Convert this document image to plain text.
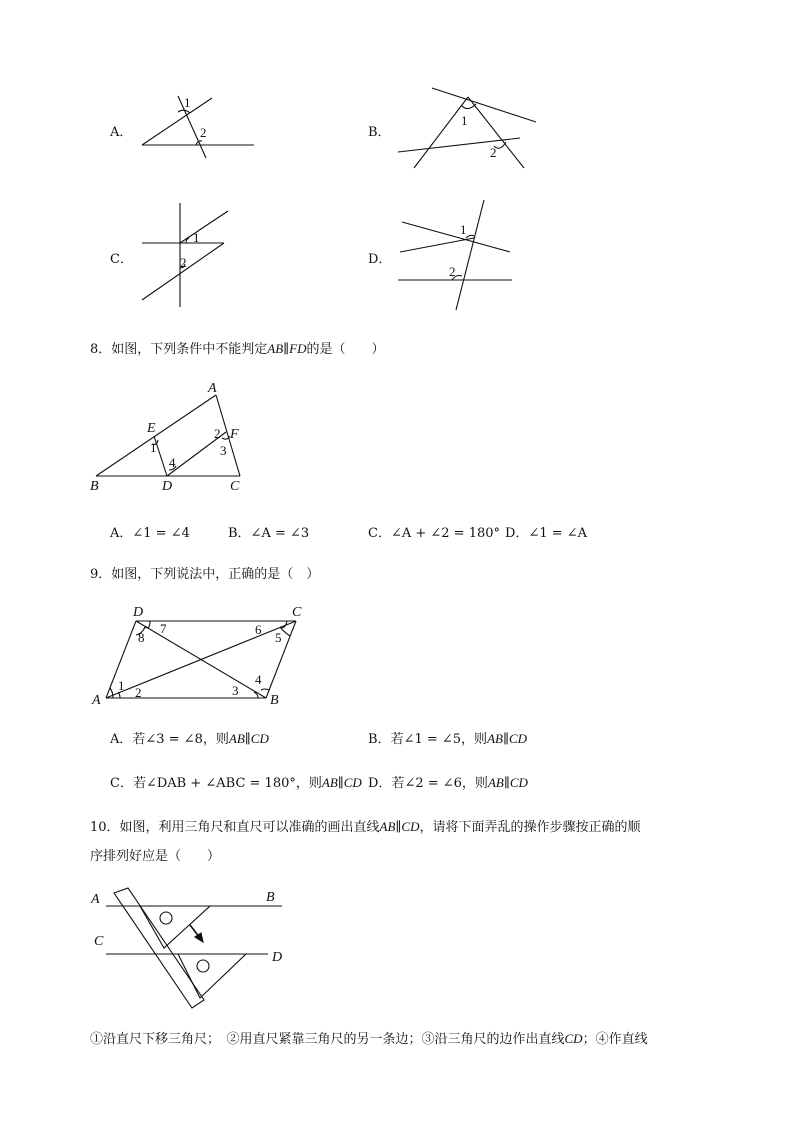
A．
1
2	B．
1
2
C．
1
2	D．
1
2
8．如图，下列条件中不能判定AB∥FD的是（　　）
A
B	C
D
E	F
1
2
3
4
A．∠1 = ∠4	B．∠A = ∠3	C．∠A + ∠2 = 180° D．∠1 = ∠A
9．如图，下列说法中，正确的是（　）
D	C
A	B
1 2	3
4
5
6
7
8
A．若∠3 = ∠8，则AB∥CD	B．若∠1 = ∠5，则AB∥CD
C．若∠DAB + ∠ABC = 180°，则AB∥CD D．若∠2 = ∠6，则AB∥CD
10．如图，利用三角尺和直尺可以准确的画出直线AB∥CD，请将下面弄乱的操作步骤按正确的顺
序排列好应是（　　）
A	B
C
D
①沿直尺下移三角尺；　②用直尺紧靠三角尺的另一条边；③沿三角尺的边作出直线CD；④作直线
